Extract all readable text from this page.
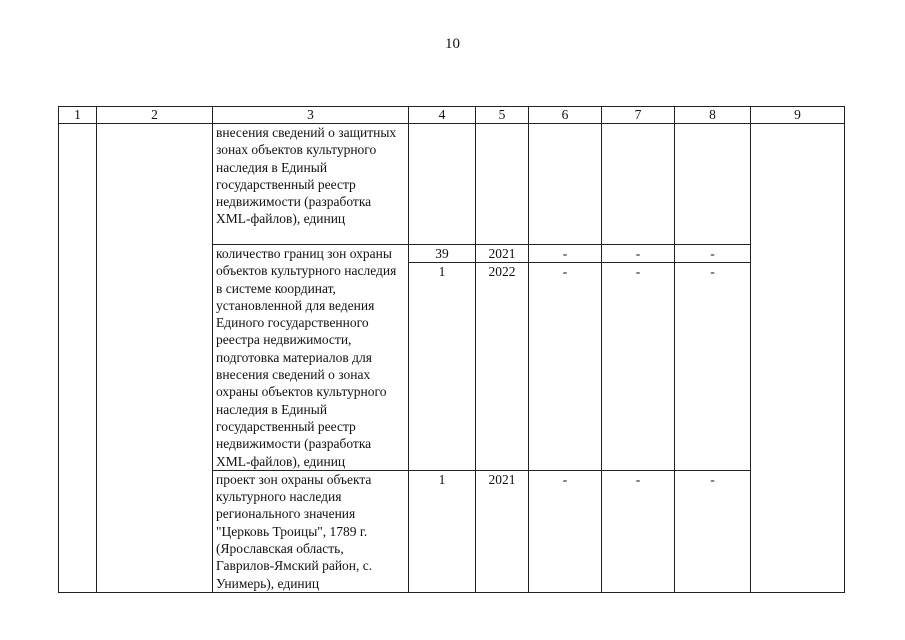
10
1	2	3	4	5	6	7	8	9
		внесения сведений о защитных зонах объектов культурного наследия в Единый государственный реестр недвижимости (разработка XML-файлов), единиц						
		количество границ зон охраны объектов культурного наследия в системе координат, установленной для ведения Единого государственного реестра недвижимости, подготовка материалов для внесения сведений о зонах охраны объектов культурного наследия в Единый государственный реестр недвижимости (разработка XML-файлов), единиц	39	2021	-	-	-	
			1	2022	-	-	-	
		проект зон охраны объекта культурного наследия регионального значения "Церковь Троицы", 1789 г. (Ярославская область, Гаврилов-Ямский район, с. Унимерь), единиц	1	2021	-	-	-	
